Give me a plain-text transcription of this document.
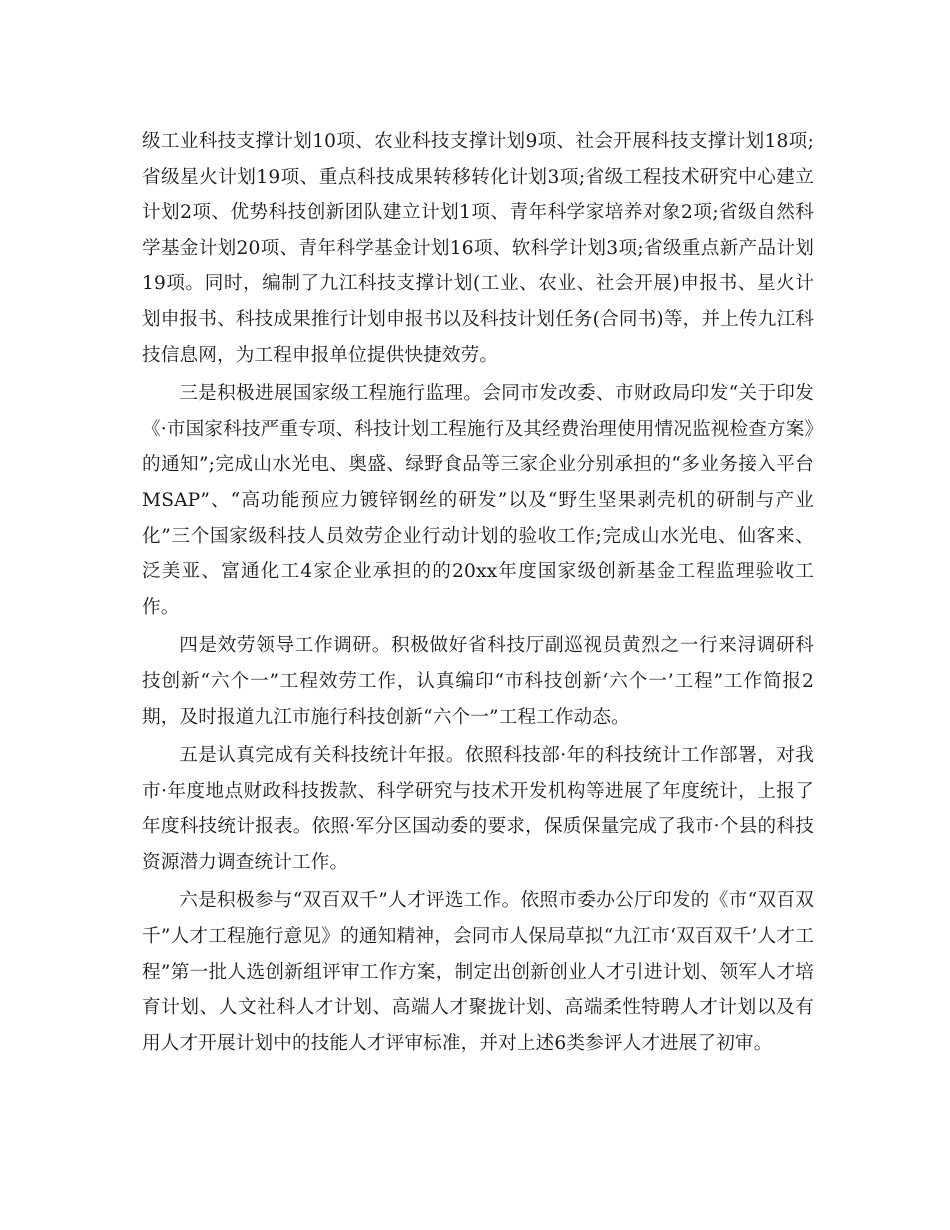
级工业科技支撑计划10项、农业科技支撑计划9项、社会开展科技支撑计划18项;省级星火计划19项、重点科技成果转移转化计划3项;省级工程技术研究中心建立计划2项、优势科技创新团队建立计划1项、青年科学家培养对象2项;省级自然科学基金计划20项、青年科学基金计划16项、软科学计划3项;省级重点新产品计划19项。同时，编制了九江科技支撑计划(工业、农业、社会开展)申报书、星火计划申报书、科技成果推行计划申报书以及科技计划任务(合同书)等，并上传九江科技信息网，为工程申报单位提供快捷效劳。

三是积极进展国家级工程施行监理。会同市发改委、市财政局印发“关于印发《·市国家科技严重专项、科技计划工程施行及其经费治理使用情况监视检查方案》的通知”;完成山水光电、奥盛、绿野食品等三家企业分别承担的“多业务接入平台MSAP”、“高功能预应力镀锌钢丝的研发”以及“野生坚果剥壳机的研制与产业化”三个国家级科技人员效劳企业行动计划的验收工作;完成山水光电、仙客来、泛美亚、富通化工4家企业承担的的20xx年度国家级创新基金工程监理验收工作。

四是效劳领导工作调研。积极做好省科技厅副巡视员黄烈之一行来浔调研科技创新“六个一”工程效劳工作，认真编印“市科技创新‘六个一’工程”工作简报2期，及时报道九江市施行科技创新“六个一”工程工作动态。

五是认真完成有关科技统计年报。依照科技部·年的科技统计工作部署，对我市·年度地点财政科技拨款、科学研究与技术开发机构等进展了年度统计，上报了年度科技统计报表。依照·军分区国动委的要求，保质保量完成了我市·个县的科技资源潜力调查统计工作。

六是积极参与“双百双千”人才评选工作。依照市委办公厅印发的《市“双百双千”人才工程施行意见》的通知精神，会同市人保局草拟“九江市‘双百双千’人才工程”第一批人选创新组评审工作方案，制定出创新创业人才引进计划、领军人才培育计划、人文社科人才计划、高端人才聚拢计划、高端柔性特聘人才计划以及有用人才开展计划中的技能人才评审标准，并对上述6类参评人才进展了初审。
